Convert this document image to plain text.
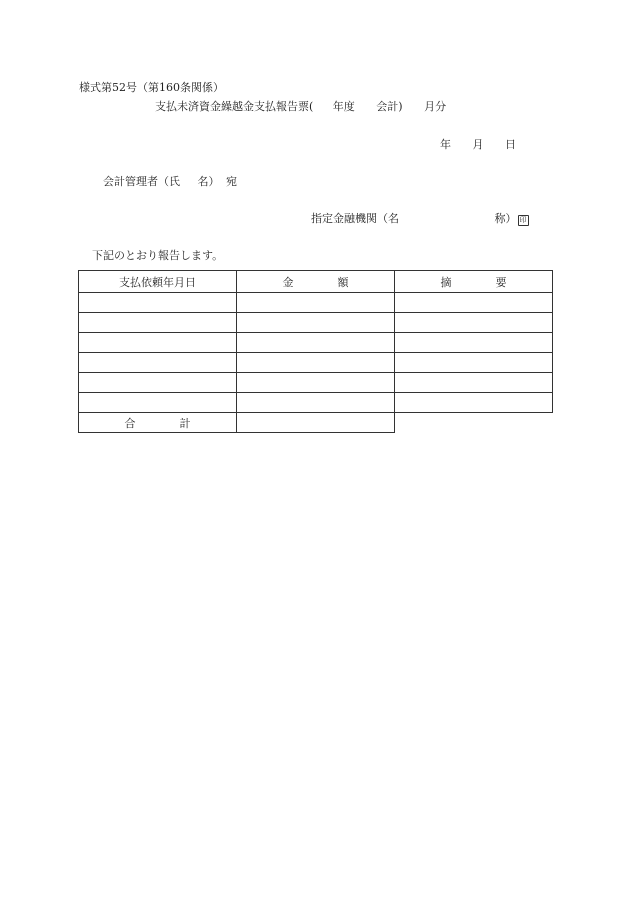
様式第52号（第160条関係）
支払未済資金繰越金支払報告票( 年度 会計) 月分
年 月 日
会計管理者（氏 名） 宛
指定金融機関（名	称） 印
下記のとおり報告します。
支払依頼年月日	金　　　　額	摘　　　　要

合　　　　計		
